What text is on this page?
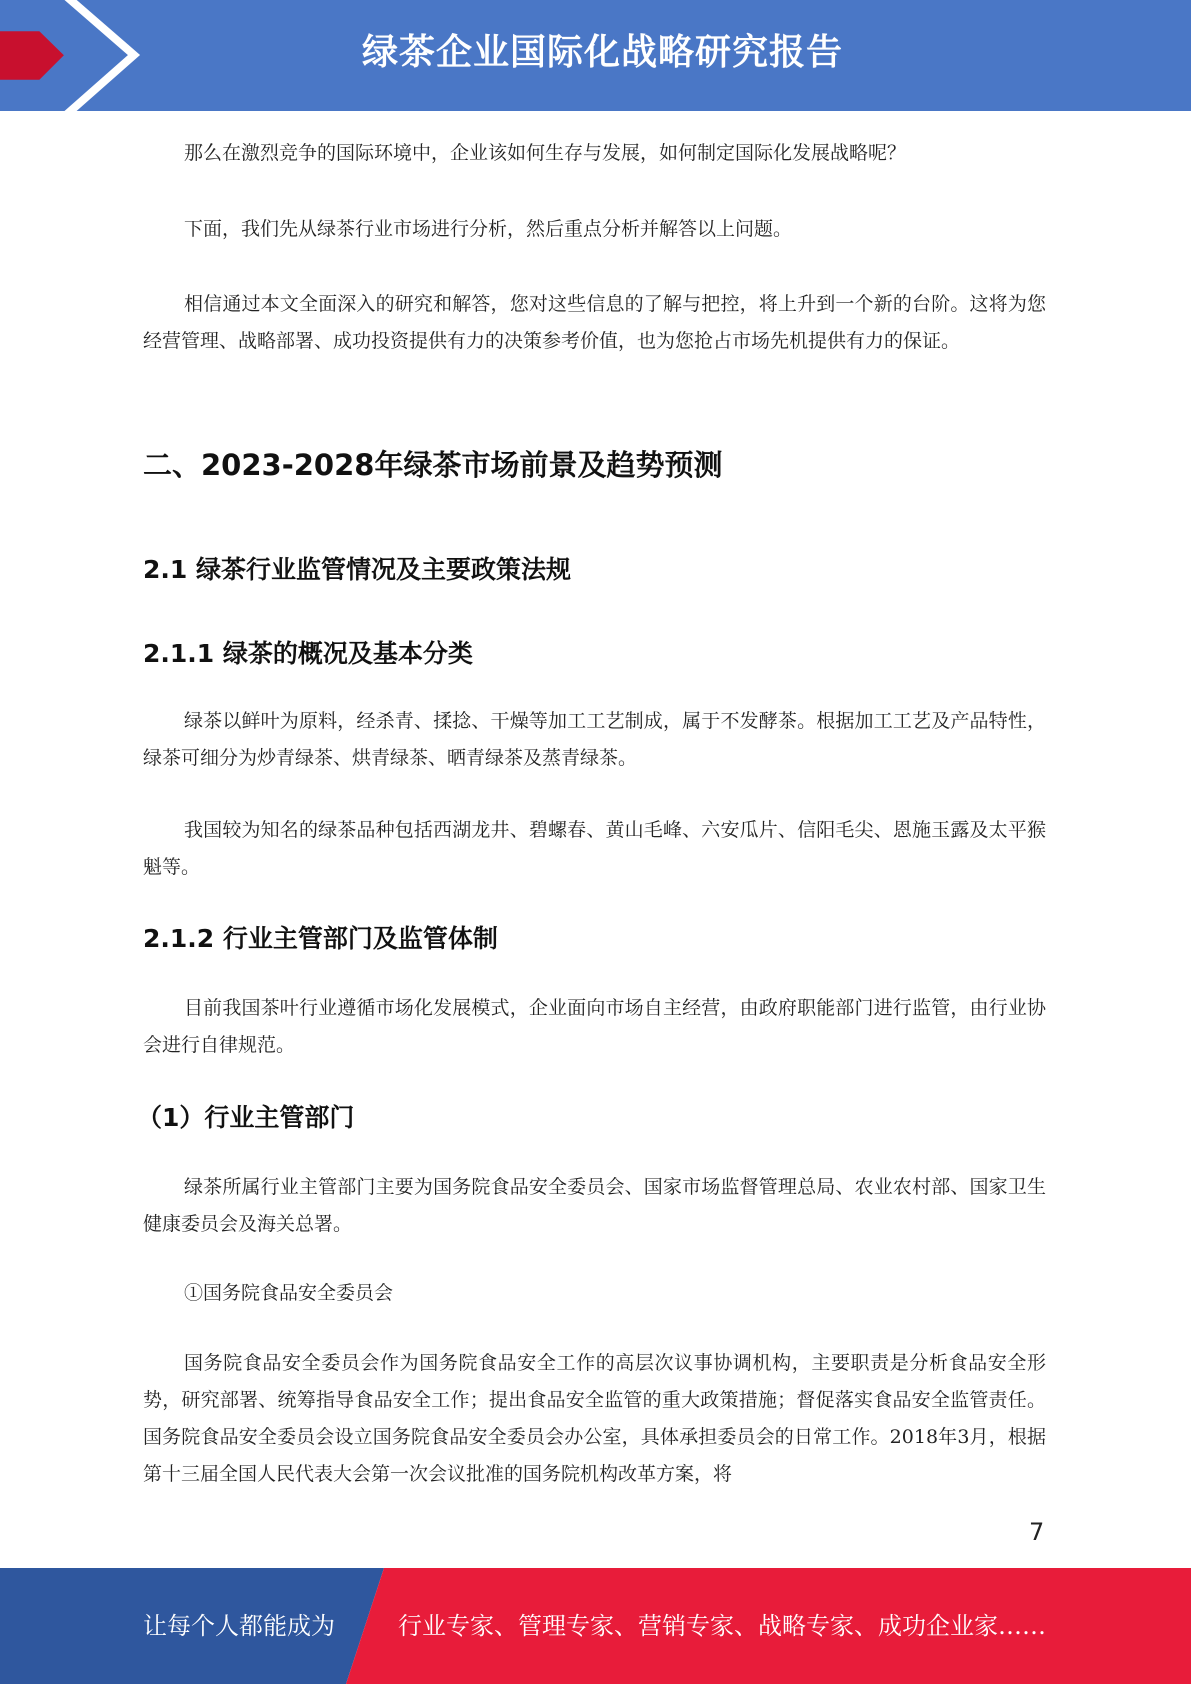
绿茶企业国际化战略研究报告
那么在激烈竞争的国际环境中，企业该如何生存与发展，如何制定国际化发展战略呢？
下面，我们先从绿茶行业市场进行分析，然后重点分析并解答以上问题。
相信通过本文全面深入的研究和解答，您对这些信息的了解与把控，将上升到一个新的台阶。这将为您经营管理、战略部署、成功投资提供有力的决策参考价值，也为您抢占市场先机提供有力的保证。
二、2023-2028年绿茶市场前景及趋势预测
2.1 绿茶行业监管情况及主要政策法规
2.1.1 绿茶的概况及基本分类
绿茶以鲜叶为原料，经杀青、揉捻、干燥等加工工艺制成，属于不发酵茶。根据加工工艺及产品特性，绿茶可细分为炒青绿茶、烘青绿茶、晒青绿茶及蒸青绿茶。
我国较为知名的绿茶品种包括西湖龙井、碧螺春、黄山毛峰、六安瓜片、信阳毛尖、恩施玉露及太平猴魁等。
2.1.2 行业主管部门及监管体制
目前我国茶叶行业遵循市场化发展模式，企业面向市场自主经营，由政府职能部门进行监管，由行业协会进行自律规范。
（1）行业主管部门
绿茶所属行业主管部门主要为国务院食品安全委员会、国家市场监督管理总局、农业农村部、国家卫生健康委员会及海关总署。
①国务院食品安全委员会
国务院食品安全委员会作为国务院食品安全工作的高层次议事协调机构，主要职责是分析食品安全形势，研究部署、统筹指导食品安全工作；提出食品安全监管的重大政策措施；督促落实食品安全监管责任。国务院食品安全委员会设立国务院食品安全委员会办公室，具体承担委员会的日常工作。2018年3月，根据第十三届全国人民代表大会第一次会议批准的国务院机构改革方案，将
7
让每个人都能成为	行业专家、管理专家、营销专家、战略专家、成功企业家……
